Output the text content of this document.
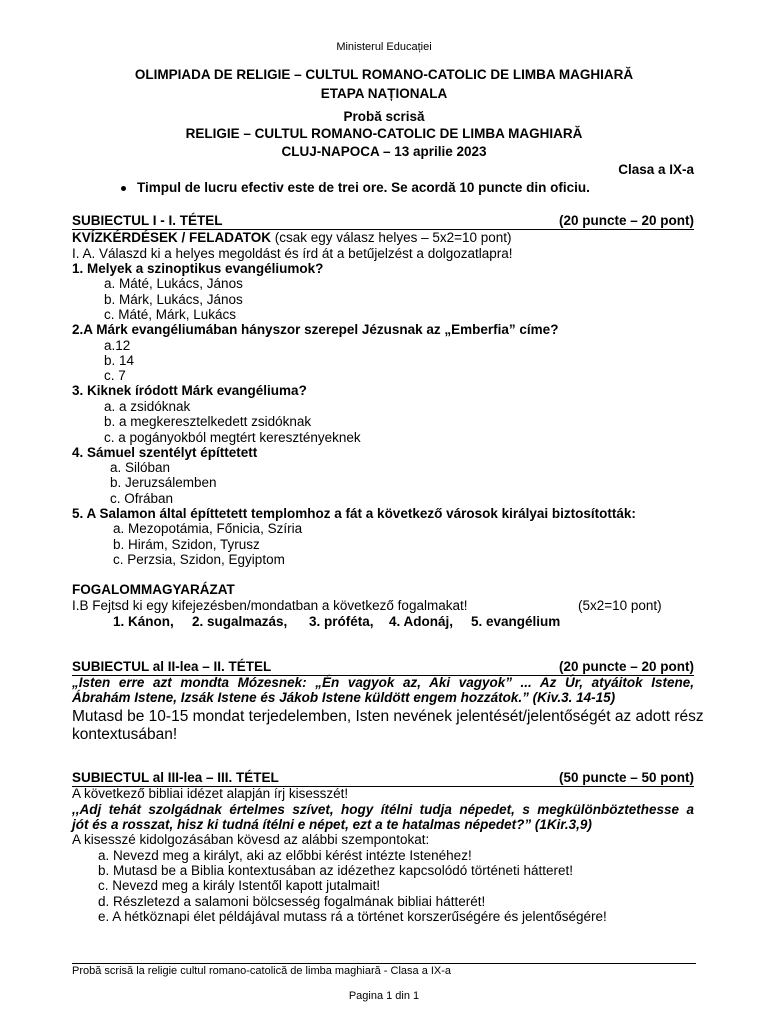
Ministerul Educației
OLIMPIADA DE RELIGIE – CULTUL ROMANO-CATOLIC DE LIMBA MAGHIARĂ
ETAPA NAȚIONALA
Probă scrisă
RELIGIE – CULTUL ROMANO-CATOLIC DE LIMBA MAGHIARĂ
CLUJ-NAPOCA – 13 aprilie 2023
Clasa a IX-a
Timpul de lucru efectiv este de trei ore. Se acordă 10 puncte din oficiu.
SUBIECTUL I - I. TÉTEL	(20 puncte – 20 pont)
KVÍZKÉRDÉSEK / FELADATOK (csak egy válasz helyes – 5x2=10 pont)
I. A. Válaszd ki a helyes megoldást és írd át a betűjelzést a dolgozatlapra!
1. Melyek a szinoptikus evangéliumok?
a. Máté, Lukács, János
b. Márk, Lukács, János
c. Máté, Márk, Lukács
2.A Márk evangéliumában hányszor szerepel Jézusnak az „Emberfia” címe?
a.12
b. 14
c. 7
3. Kiknek íródott Márk evangéliuma?
a. a zsidóknak
b. a megkeresztelkedett zsidóknak
c. a pogányokból megtért keresztényeknek
4. Sámuel szentélyt építtetett
a. Silóban
b. Jeruzsálemben
c. Ofrában
5. A Salamon által építtetett templomhoz a fát a következő városok királyai biztosították:
a. Mezopotámia, Főnicia, Szíria
b. Hirám, Szidon, Tyrusz
c. Perzsia, Szidon, Egyiptom
FOGALOMMAGYARÁZAT
I.B Fejtsd ki egy kifejezésben/mondatban a következő fogalmakat!	(5x2=10 pont)
1. Kánon, 2. sugalmazás, 3. próféta, 4. Adonáj, 5. evangélium
SUBIECTUL al II-lea – II. TÉTEL	(20 puncte – 20 pont)
„Isten erre azt mondta Mózesnek: „Én vagyok az, Aki vagyok” ... Az Úr, atyáitok Istene,
Ábrahám Istene, Izsák Istene és Jákob Istene küldött engem hozzátok.” (Kiv.3. 14-15)
Mutasd be 10-15 mondat terjedelemben, Isten nevének jelentését/jelentőségét az adott rész
kontextusában!
SUBIECTUL al III-lea – III. TÉTEL	(50 puncte – 50 pont)
A következő bibliai idézet alapján írj kisesszét!
,,Adj tehát szolgádnak értelmes szívet, hogy ítélni tudja népedet, s megkülönböztethesse a
jót és a rosszat, hisz ki tudná ítélni e népet, ezt a te hatalmas népedet?” (1Kir.3,9)
A kisesszé kidolgozásában kövesd az alábbi szempontokat:
a. Nevezd meg a királyt, aki az előbbi kérést intézte Istenéhez!
b. Mutasd be a Biblia kontextusában az idézethez kapcsolódó történeti hátteret!
c. Nevezd meg a király Istentől kapott jutalmait!
d. Részletezd a salamoni bölcsesség fogalmának bibliai hátterét!
e. A hétköznapi élet példájával mutass rá a történet korszerűségére és jelentőségére!
Probă scrisă la religie cultul romano-catolică de limba maghiară - Clasa a IX-a
Pagina 1 din 1
